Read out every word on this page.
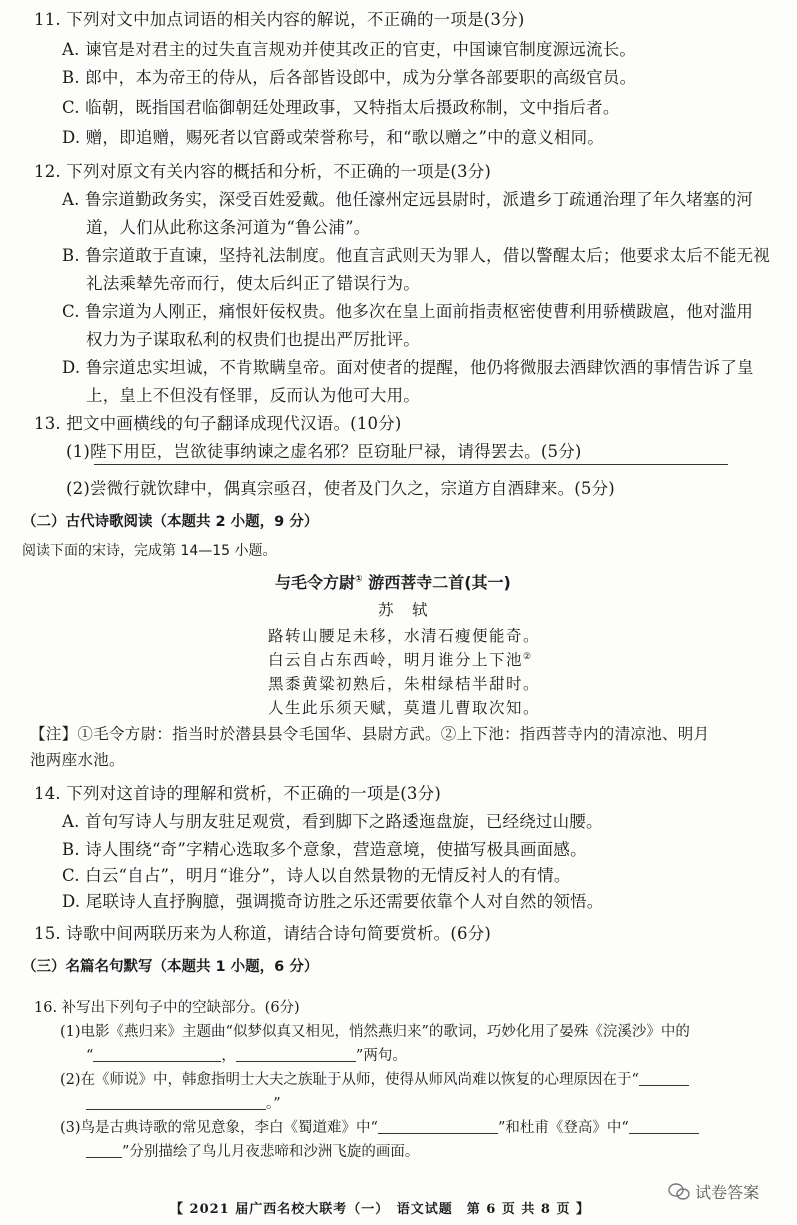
11. 下列对文中加点词语的相关内容的解说，不正确的一项是(3分)
A. 谏官是对君主的过失直言规劝并使其改正的官吏，中国谏官制度源远流长。
B. 郎中，本为帝王的侍从，后各部皆设郎中，成为分掌各部要职的高级官员。
C. 临朝，既指国君临御朝廷处理政事，又特指太后摄政称制，文中指后者。
D. 赠，即追赠，赐死者以官爵或荣誉称号，和“歌以赠之”中的意义相同。
12. 下列对原文有关内容的概括和分析，不正确的一项是(3分)
A. 鲁宗道勤政务实，深受百姓爱戴。他任濠州定远县尉时，派遣乡丁疏通治理了年久堵塞的河
道，人们从此称这条河道为“鲁公浦”。
B. 鲁宗道敢于直谏，坚持礼法制度。他直言武则天为罪人，借以警醒太后；他要求太后不能无视
礼法乘辇先帝而行，使太后纠正了错误行为。
C. 鲁宗道为人刚正，痛恨奸佞权贵。他多次在皇上面前指责枢密使曹利用骄横跋扈，他对滥用
权力为子谋取私利的权贵们也提出严厉批评。
D. 鲁宗道忠实坦诚，不肯欺瞒皇帝。面对使者的提醒，他仍将微服去酒肆饮酒的事情告诉了皇
上，皇上不但没有怪罪，反而认为他可大用。
13. 把文中画横线的句子翻译成现代汉语。(10分)
(1)陛下用臣，岂欲徒事纳谏之虚名邪？臣窃耻尸禄，请得罢去。(5分)
(2)尝微行就饮肆中，偶真宗亟召，使者及门久之，宗道方自酒肆来。(5分)
（二）古代诗歌阅读（本题共 2 小题，9 分）
阅读下面的宋诗，完成第 14—15 小题。
与毛令方尉① 游西菩寺二首(其一)
苏　轼
路转山腰足未移，水清石瘦便能奇。
白云自占东西岭，明月谁分上下池②
黑黍黄粱初熟后，朱柑绿桔半甜时。
人生此乐须天赋，莫遣儿曹取次知。
【注】①毛令方尉：指当时於潜县县令毛国华、县尉方武。②上下池：指西菩寺内的清凉池、明月
池两座水池。
14. 下列对这首诗的理解和赏析，不正确的一项是(3分)
A. 首句写诗人与朋友驻足观赏，看到脚下之路逶迤盘旋，已经绕过山腰。
B. 诗人围绕“奇”字精心选取多个意象，营造意境，使描写极具画面感。
C. 白云“自占”，明月“谁分”，诗人以自然景物的无情反衬人的有情。
D. 尾联诗人直抒胸臆，强调揽奇访胜之乐还需要依靠个人对自然的领悟。
15. 诗歌中间两联历来为人称道，请结合诗句简要赏析。(6分)
（三）名篇名句默写（本题共 1 小题，6 分）
16. 补写出下列句子中的空缺部分。(6分)
(1)电影《燕归来》主题曲“似梦似真又相见，悄然燕归来”的歌词，巧妙化用了晏殊《浣溪沙》中的
“	，	”两句。
(2)在《师说》中，韩愈指明士大夫之族耻于从师，使得从师风尚难以恢复的心理原因在于“
。”
(3)鸟是古典诗歌的常见意象，李白《蜀道难》中“	”和杜甫《登高》中“
”分别描绘了鸟儿月夜悲啼和沙洲飞旋的画面。
【 2021 届广西名校大联考（一）　语文试题　第 6 页 共 8 页 】
试卷答案
